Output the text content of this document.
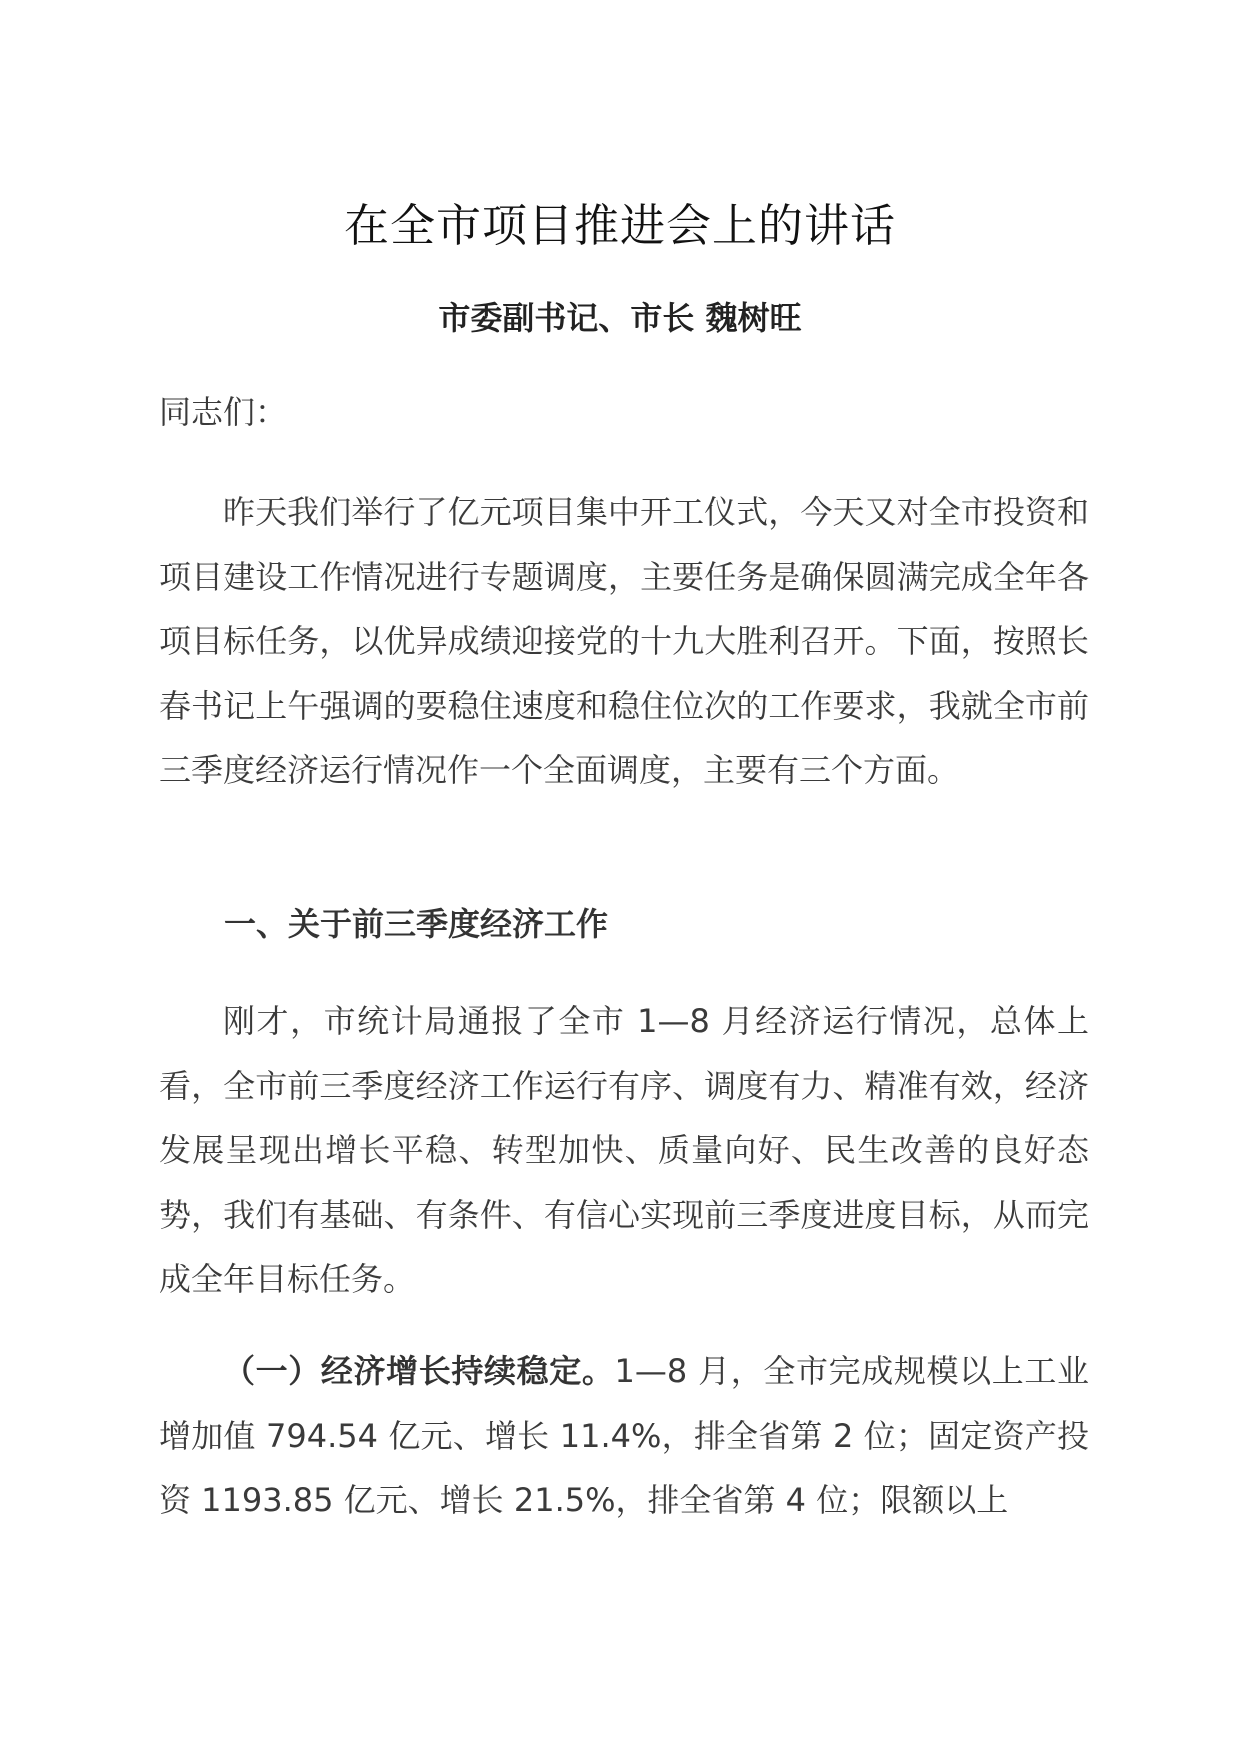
在全市项目推进会上的讲话
市委副书记、市长 魏树旺
同志们：
昨天我们举行了亿元项目集中开工仪式，今天又对全市投资和项目建设工作情况进行专题调度，主要任务是确保圆满完成全年各项目标任务，以优异成绩迎接党的十九大胜利召开。下面，按照长春书记上午强调的要稳住速度和稳住位次的工作要求，我就全市前三季度经济运行情况作一个全面调度，主要有三个方面。
一、关于前三季度经济工作
刚才，市统计局通报了全市 1—8 月经济运行情况，总体上看，全市前三季度经济工作运行有序、调度有力、精准有效，经济发展呈现出增长平稳、转型加快、质量向好、民生改善的良好态势，我们有基础、有条件、有信心实现前三季度进度目标，从而完成全年目标任务。
（一）经济增长持续稳定。1—8 月，全市完成规模以上工业增加值 794.54 亿元、增长 11.4%，排全省第 2 位；固定资产投资 1193.85 亿元、增长 21.5%，排全省第 4 位；限额以上
